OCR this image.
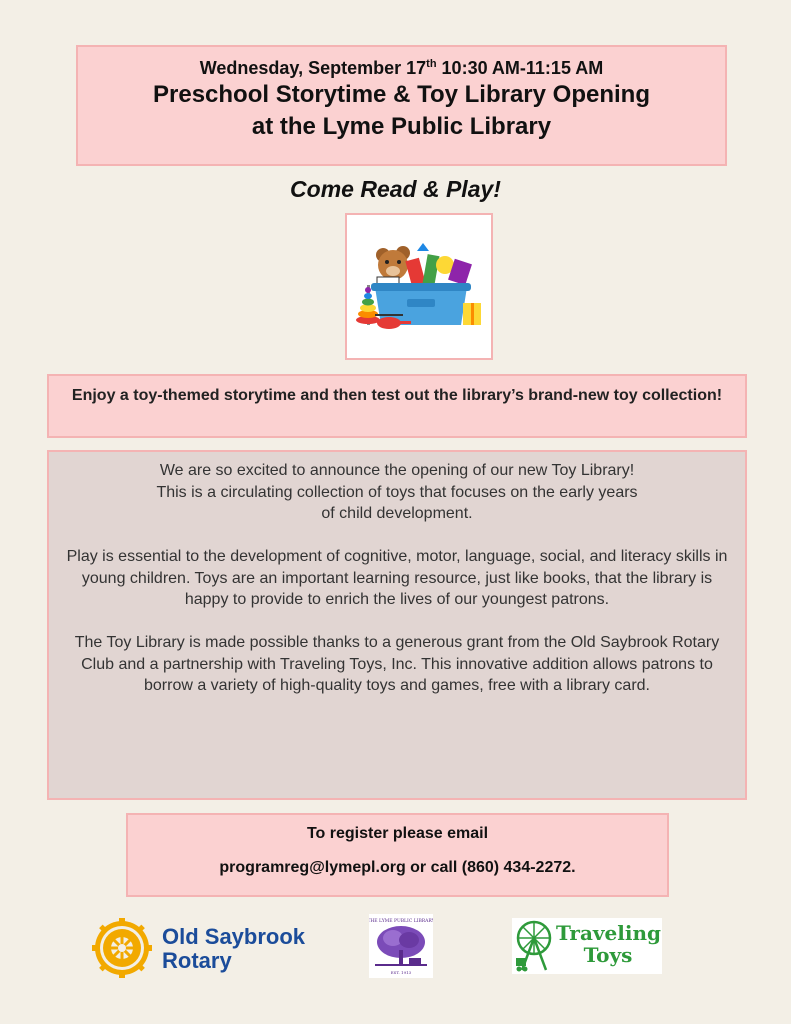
Wednesday, September 17th 10:30 AM-11:15 AM
Preschool Storytime & Toy Library Opening
at the Lyme Public Library
Come Read & Play!
Enjoy a toy-themed storytime and then test out the library’s brand-new toy collection!

We are so excited to announce the opening of our new Toy Library! This is a circulating collection of toys that focuses on the early years of child development.

Play is essential to the development of cognitive, motor, language, social, and literacy skills in young children. Toys are an important learning resource, just like books, that the library is happy to provide to enrich the lives of our youngest patrons.

The Toy Library is made possible thanks to a generous grant from the Old Saybrook Rotary Club and a partnership with Traveling Toys, Inc. This innovative addition allows patrons to borrow a variety of high-quality toys and games, free with a library card.

To register please email
programreg@lymepl.org or call (860) 434-2272.
Old Saybrook
Rotary
THE LYME PUBLIC LIBRARY
EST. 1913
Traveling
Toys
